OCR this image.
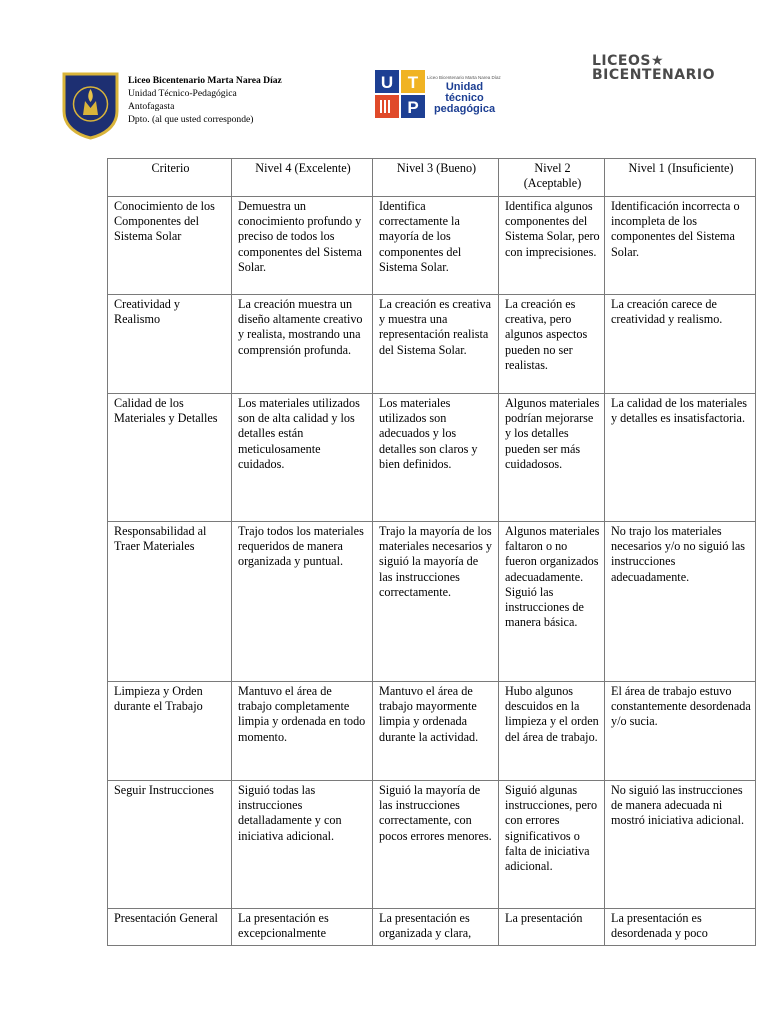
Liceo Bicentenario Marta Narea Díaz
Unidad Técnico-Pedagógica
Antofagasta
Dpto. (al que usted corresponde)
U T
P
Liceo Bicentenario Marta Narea Díaz
Unidad técnico
pedagógica
LICEOS★
BICENTENARIO
Criterio	Nivel 4 (Excelente)	Nivel 3 (Bueno)	Nivel 2 (Aceptable)	Nivel 1 (Insuficiente)
Conocimiento de los Componentes del Sistema Solar	Demuestra un conocimiento profundo y preciso de todos los componentes del Sistema Solar.	Identifica correctamente la mayoría de los componentes del Sistema Solar.	Identifica algunos componentes del Sistema Solar, pero con imprecisiones.	Identificación incorrecta o incompleta de los componentes del Sistema Solar.
Creatividad y Realismo	La creación muestra un diseño altamente creativo y realista, mostrando una comprensión profunda.	La creación es creativa y muestra una representación realista del Sistema Solar.	La creación es creativa, pero algunos aspectos pueden no ser realistas.	La creación carece de creatividad y realismo.
Calidad de los Materiales y Detalles	Los materiales utilizados son de alta calidad y los detalles están meticulosamente cuidados.	Los materiales utilizados son adecuados y los detalles son claros y bien definidos.	Algunos materiales podrían mejorarse y los detalles pueden ser más cuidadosos.	La calidad de los materiales y detalles es insatisfactoria.
Responsabilidad al Traer Materiales	Trajo todos los materiales requeridos de manera organizada y puntual.	Trajo la mayoría de los materiales necesarios y siguió la mayoría de las instrucciones correctamente.	Algunos materiales faltaron o no fueron organizados adecuadamente. Siguió las instrucciones de manera básica.	No trajo los materiales necesarios y/o no siguió las instrucciones adecuadamente.
Limpieza y Orden durante el Trabajo	Mantuvo el área de trabajo completamente limpia y ordenada en todo momento.	Mantuvo el área de trabajo mayormente limpia y ordenada durante la actividad.	Hubo algunos descuidos en la limpieza y el orden del área de trabajo.	El área de trabajo estuvo constantemente desordenada y/o sucia.
Seguir Instrucciones	Siguió todas las instrucciones detalladamente y con iniciativa adicional.	Siguió la mayoría de las instrucciones correctamente, con pocos errores menores.	Siguió algunas instrucciones, pero con errores significativos o falta de iniciativa adicional.	No siguió las instrucciones de manera adecuada ni mostró iniciativa adicional.
Presentación General	La presentación es excepcionalmente	La presentación es organizada y clara,	La presentación	La presentación es desordenada y poco
